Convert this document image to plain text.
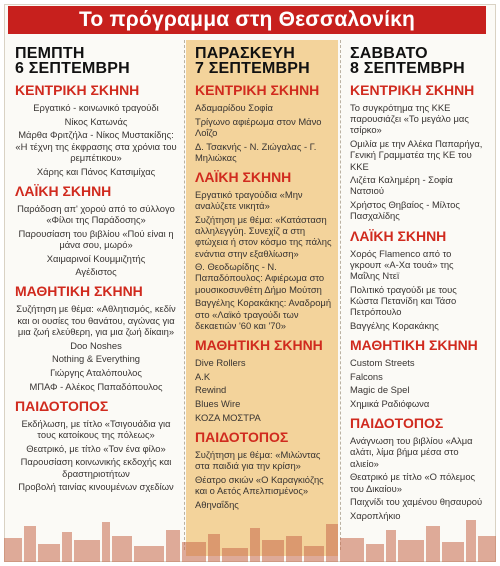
Το πρόγραμμα στη Θεσσαλονίκη
ΠΕΜΠΤΗ
6 ΣΕΠΤΕΜΒΡΗ
ΚΕΝΤΡΙΚΗ ΣΚΗΝΗ
Εργατικό - κοινωνικό τραγούδι
Νίκος Κατωνάς
Μάρθα Φριτζήλα - Νίκος Μυστακίδης: «Η τέχνη της έκφρασης στα χρόνια του ρεμπέτικου»
Χάρης και Πάνος Κατσιμίχας
ΛΑΪΚΗ ΣΚΗΝΗ
Παράδοση απ' χορού από το σύλλογο «Φίλοι της Παράδοσης»
Παρουσίαση του βιβλίου «Πού είναι η μάνα σου, μωρό»
Χαιμαρινοί Κουμμιζητής
Αγέδιστος
ΜΑΘΗΤΙΚΗ ΣΚΗΝΗ
Συζήτηση με θέμα: «Αθλητισμός, κεδίν και οι ουσίες του θανάτου, αγώνας για μια ζωή ελεύθερη, για μια ζωή δίκαιη»
Doo Noshes
Nothing & Everything
Γιώργης Αταλόπουλος
ΜΠΑΦ - Αλέκος Παπαδόπουλος
ΠΑΙΔΟΤΟΠΟΣ
Εκδήλωση, με τίτλο «Τσιγουάδια για τους κατοίκους της πόλεως»
Θεατρικό, με τίτλο «Τον ένα φίλο»
Παρουσίαση κοινωνικής εκδοχής και δραστηριοτήτων
Προβολή ταινίας κινουμένων σχεδίων
ΠΑΡΑΣΚΕΥΗ
7 ΣΕΠΤΕΜΒΡΗ
ΚΕΝΤΡΙΚΗ ΣΚΗΝΗ
Αδαμαρίδου Σοφία
Τρίγωνο αφιέρωμα στον Μάνο Λοΐζο
Δ. Τσακνής - Ν. Ζιώγαλας - Γ. Μηλιώκας
ΛΑΪΚΗ ΣΚΗΝΗ
Εργατικό τραγούδια «Μην αναλύζετε νικητά»
Συζήτηση με θέμα: «Κατάσταση αλληλεγγύη. Συνεχίζ α στη φτώχεια ή στον κόσμο της πάλης ενάντια στην εξαθλίωση»
Θ. Θεοδωρίδης - Ν. Παπαδόπουλος: Αφιέρωμα στο μουσικοσυνθέτη Δήμο Μούτση
Βαγγέλης Κορακάκης: Αναδρομή στο «Λαϊκό τραγούδι των δεκαετιών '60 και '70»
ΜΑΘΗΤΙΚΗ ΣΚΗΝΗ
Dive Rollers
A.K
Rewind
Blues Wire
ΚΟΖΑ ΜΟΣΤΡΑ
ΠΑΙΔΟΤΟΠΟΣ
Συζήτηση με θέμα: «Μιλώντας στα παιδιά για την κρίση»
Θέατρο σκιών «Ο Καραγκιόζης και ο Αετός Απελπισμένος»
Αθηναΐδης
ΣΑΒΒΑΤΟ
8 ΣΕΠΤΕΜΒΡΗ
ΚΕΝΤΡΙΚΗ ΣΚΗΝΗ
Το συγκρότημα της ΚΚΕ παρουσιάζει «Το μεγάλο μας τσίρκο»
Ομιλία με την Αλέκα Παπαρήγα, Γενική Γραμματέα της ΚΕ του ΚΚΕ
Λιζέτα Καλημέρη - Σοφία Νατσιού
Χρήστος Θηβαίος - Μίλτος Πασχαλίδης
ΛΑΪΚΗ ΣΚΗΝΗ
Χορός Flamenco από το γκρουπ «Α-Χα τουά» της Μαΐλης Ντεϊ
Πολιτικό τραγούδι με τους Κώστα Πετανίδη και Τάσο Πετρόπουλο
Βαγγέλης Κορακάκης
ΜΑΘΗΤΙΚΗ ΣΚΗΝΗ
Custom Streets
Falcons
Magic de Spel
Χημικά Ραδιόφωνα
ΠΑΙΔΟΤΟΠΟΣ
Ανάγνωση του βιβλίου «Αλμα αλάτι, λίμα βήμα μέσα στο αλιείο»
Θεατρικό με τίτλο «Ο πόλεμος του Δικαίου»
Παιχνίδι του χαμένου θησαυρού
Χαροπλήκιο
